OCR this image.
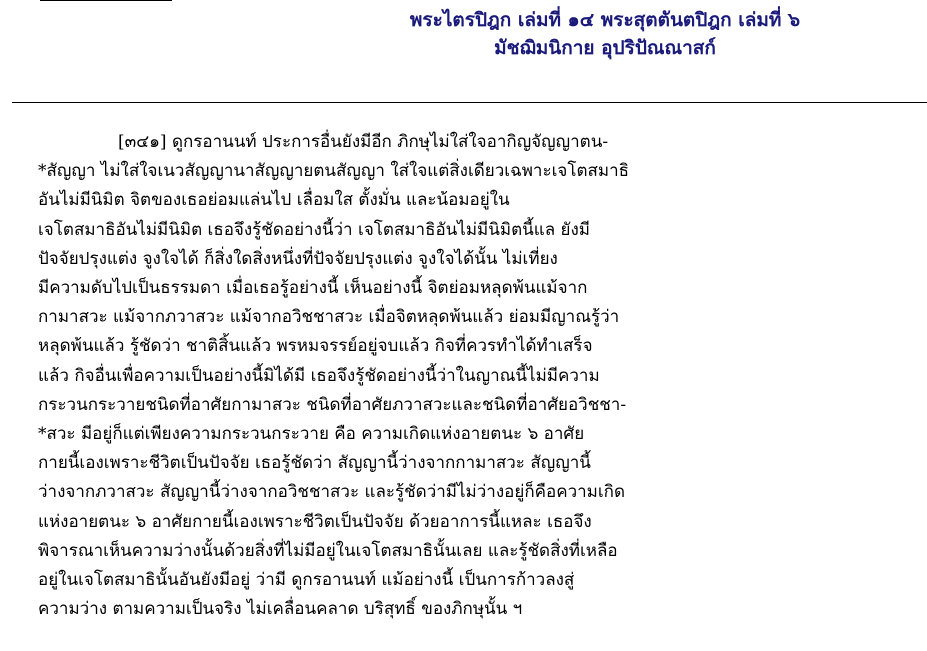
พระไตรปิฎก เล่มที่ ๑๔ พระสุตตันตปิฎก เล่มที่ ๖
มัชฌิมนิกาย อุปริปัณณาสก์
[๓๔๑] ดูกรอานนท์ ประการอื่นยังมีอีก ภิกษุไม่ใส่ใจอากิญจัญญาตน-
*สัญญา ไม่ใส่ใจเนวสัญญานาสัญญายตนสัญญา ใส่ใจแต่สิ่งเดียวเฉพาะเจโตสมาธิ
อันไม่มีนิมิต จิตของเธอย่อมแล่นไป เลื่อมใส ตั้งมั่น และน้อมอยู่ใน
เจโตสมาธิอันไม่มีนิมิต เธอจึงรู้ชัดอย่างนี้ว่า เจโตสมาธิอันไม่มีนิมิตนี้แล ยังมี
ปัจจัยปรุงแต่ง จูงใจได้ ก็สิ่งใดสิ่งหนึ่งที่ปัจจัยปรุงแต่ง จูงใจได้นั้น ไม่เที่ยง
มีความดับไปเป็นธรรมดา เมื่อเธอรู้อย่างนี้ เห็นอย่างนี้ จิตย่อมหลุดพ้นแม้จาก
กามาสวะ แม้จากภวาสวะ แม้จากอวิชชาสวะ เมื่อจิตหลุดพ้นแล้ว ย่อมมีญาณรู้ว่า
หลุดพ้นแล้ว รู้ชัดว่า ชาติสิ้นแล้ว พรหมจรรย์อยู่จบแล้ว กิจที่ควรทำได้ทำเสร็จ
แล้ว กิจอื่นเพื่อความเป็นอย่างนี้มิได้มี เธอจึงรู้ชัดอย่างนี้ว่าในญาณนี้ไม่มีความ
กระวนกระวายชนิดที่อาศัยกามาสวะ ชนิดที่อาศัยภวาสวะและชนิดที่อาศัยอวิชชา-
*สวะ มีอยู่ก็แต่เพียงความกระวนกระวาย คือ ความเกิดแห่งอายตนะ ๖ อาศัย
กายนี้เองเพราะชีวิตเป็นปัจจัย เธอรู้ชัดว่า สัญญานี้ว่างจากกามาสวะ สัญญานี้
ว่างจากภวาสวะ สัญญานี้ว่างจากอวิชชาสวะ และรู้ชัดว่ามีไม่ว่างอยู่ก็คือความเกิด
แห่งอายตนะ ๖ อาศัยกายนี้เองเพราะชีวิตเป็นปัจจัย ด้วยอาการนี้แหละ เธอจึง
พิจารณาเห็นความว่างนั้นด้วยสิ่งที่ไม่มีอยู่ในเจโตสมาธินั้นเลย และรู้ชัดสิ่งที่เหลือ
อยู่ในเจโตสมาธินั้นอันยังมีอยู่ ว่ามี ดูกรอานนท์ แม้อย่างนี้ เป็นการก้าวลงสู่
ความว่าง ตามความเป็นจริง ไม่เคลื่อนคลาด บริสุทธิ์ ของภิกษุนั้น ฯ
